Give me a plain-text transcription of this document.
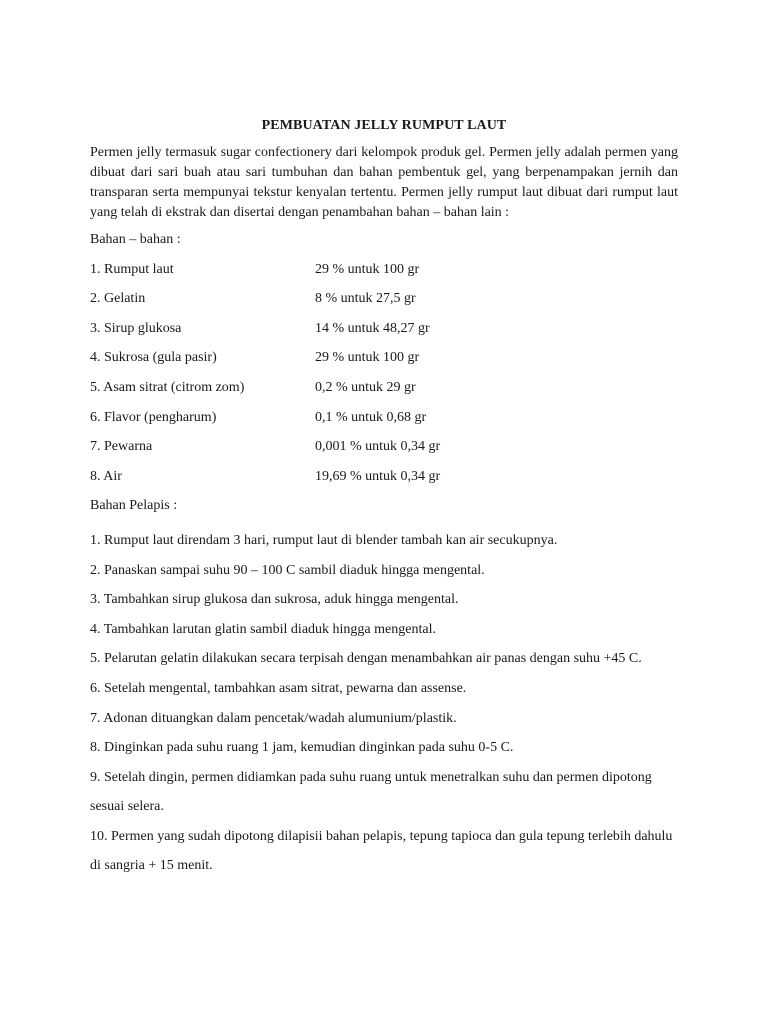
PEMBUATAN JELLY RUMPUT LAUT

Permen jelly termasuk sugar confectionery dari kelompok produk gel. Permen jelly adalah permen yang dibuat dari sari buah atau sari tumbuhan dan bahan pembentuk gel, yang berpenampakan jernih dan transparan serta mempunyai tekstur kenyalan tertentu. Permen jelly rumput laut dibuat dari rumput laut yang telah di ekstrak dan disertai dengan penambahan bahan – bahan lain :

Bahan – bahan :

1. Rumput laut	29 % untuk 100 gr
2. Gelatin	8 % untuk 27,5 gr
3. Sirup glukosa	14 % untuk 48,27 gr
4. Sukrosa (gula pasir)	29 % untuk 100 gr
5. Asam sitrat (citrom zom)	0,2 % untuk 29 gr
6. Flavor (pengharum)	0,1 % untuk 0,68 gr
7. Pewarna	0,001 % untuk 0,34 gr
8. Air	19,69 % untuk 0,34 gr

Bahan Pelapis :

1. Rumput laut direndam 3 hari, rumput laut di blender tambah kan air secukupnya.
2. Panaskan sampai suhu 90 – 100 C sambil diaduk hingga mengental.
3. Tambahkan sirup glukosa dan sukrosa, aduk hingga mengental.
4. Tambahkan larutan glatin sambil diaduk hingga mengental.
5. Pelarutan gelatin dilakukan secara terpisah dengan menambahkan air panas dengan suhu +45 C.
6. Setelah mengental, tambahkan asam sitrat, pewarna dan assense.
7. Adonan dituangkan dalam pencetak/wadah alumunium/plastik.
8. Dinginkan pada suhu ruang 1 jam, kemudian dinginkan pada suhu 0-5 C.
9. Setelah dingin, permen didiamkan pada suhu ruang untuk menetralkan suhu dan permen dipotong sesuai selera.
10. Permen yang sudah dipotong dilapisii bahan pelapis, tepung tapioca dan gula tepung terlebih dahulu di sangria + 15 menit.
